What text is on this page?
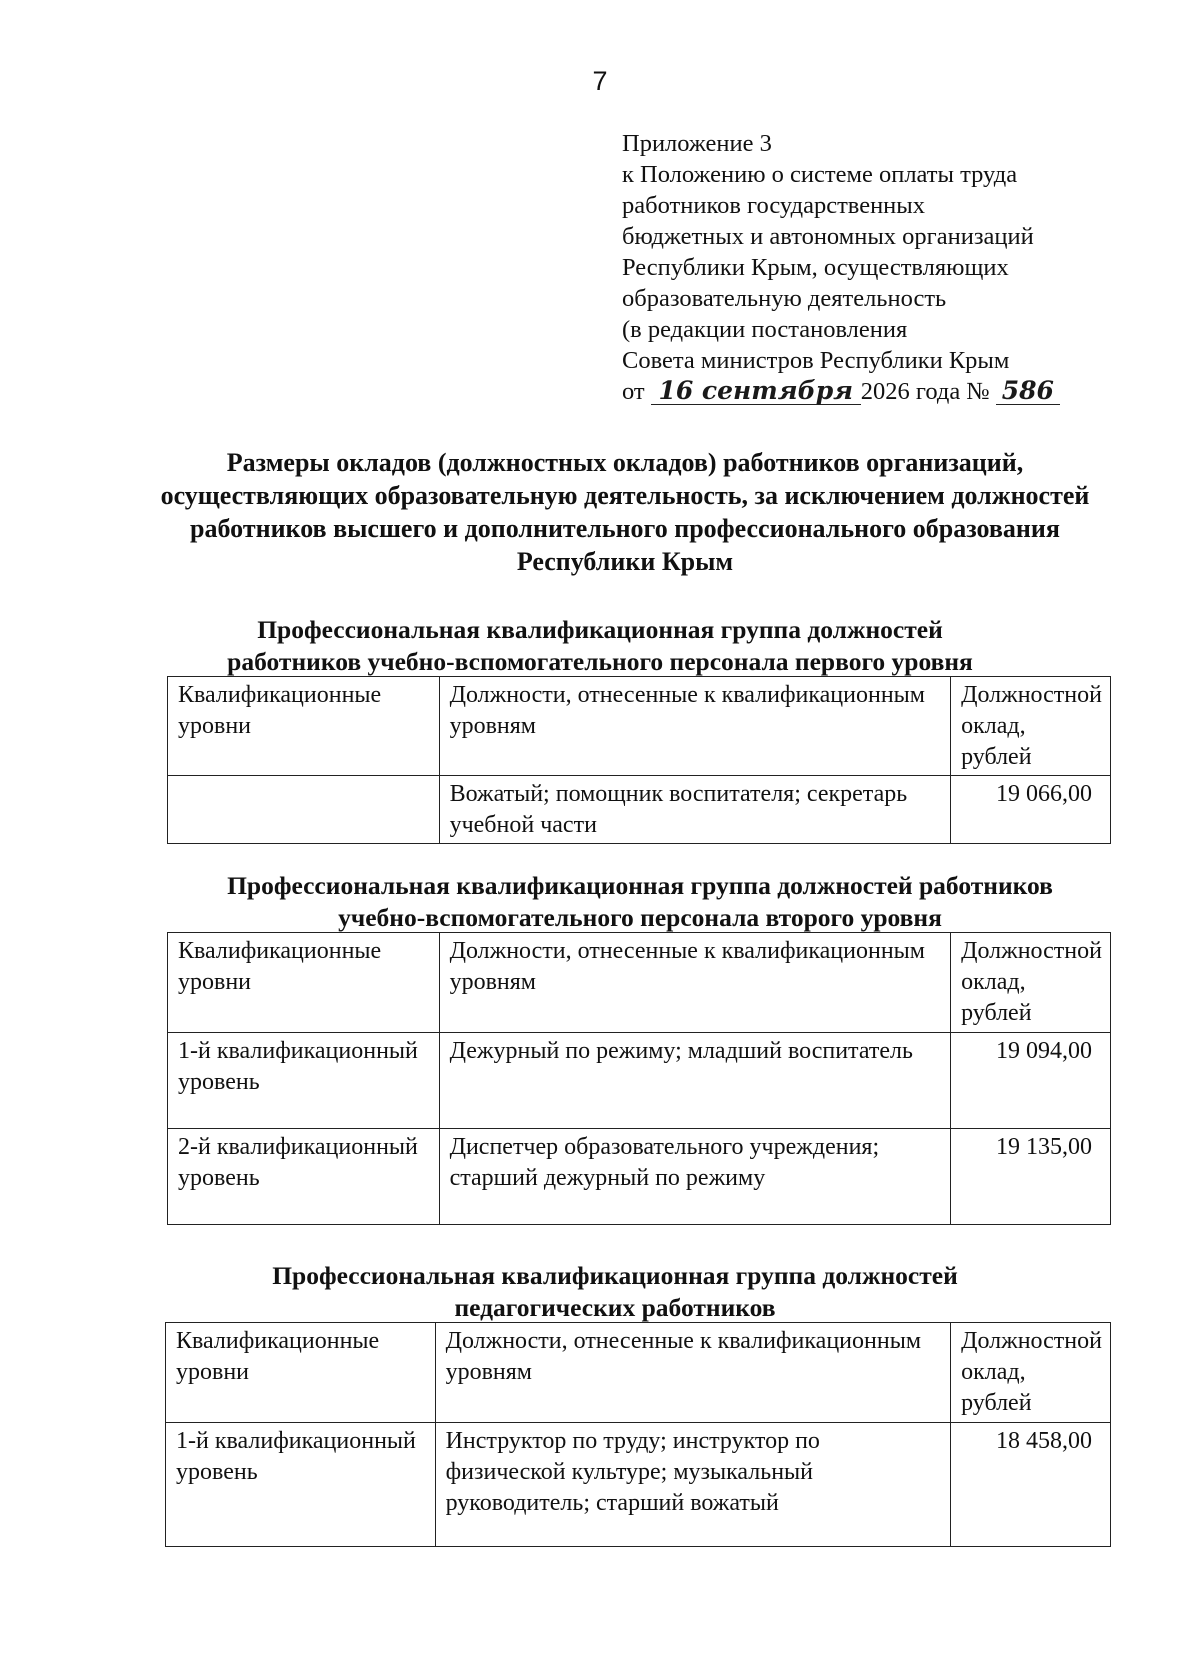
7
Приложение 3
к Положению о системе оплаты труда
работников государственных
бюджетных и автономных организаций
Республики Крым, осуществляющих
образовательную деятельность
(в редакции постановления
Совета министров Республики Крым
от 16 сентября 2026 года № 586
Размеры окладов (должностных окладов) работников организаций, осуществляющих образовательную деятельность, за исключением должностей работников высшего и дополнительного профессионального образования Республики Крым
Профессиональная квалификационная группа должностей
работников учебно-вспомогательного персонала первого уровня
Квалификационные уровни	Должности, отнесенные к квалификационным уровням	Должностной оклад, рублей
	Вожатый; помощник воспитателя; секретарь учебной части	19 066,00
Профессиональная квалификационная группа должностей работников
учебно-вспомогательного персонала второго уровня
Квалификационные уровни	Должности, отнесенные к квалификационным уровням	Должностной оклад, рублей
1-й квалификационный уровень	Дежурный по режиму; младший воспитатель	19 094,00
2-й квалификационный уровень	Диспетчер образовательного учреждения; старший дежурный по режиму	19 135,00
Профессиональная квалификационная группа должностей
педагогических работников
Квалификационные уровни	Должности, отнесенные к квалификационным уровням	Должностной оклад, рублей
1-й квалификационный уровень	Инструктор по труду; инструктор по физической культуре; музыкальный руководитель; старший вожатый	18 458,00
